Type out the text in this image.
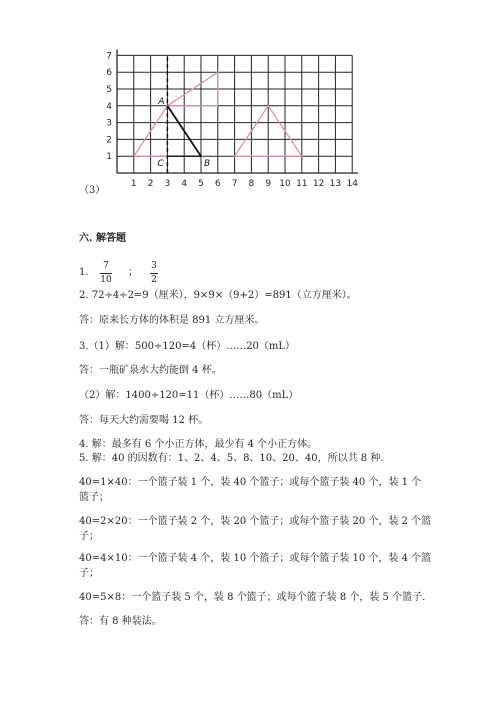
（3）
1 2 3 4 5 6 7 8 9 10 11 12 13 14
1
2
3
4
5
6
7
A
B
C
六. 解答题
1.
7
10
；
3
2
2. 72÷4÷2=9（厘米），9×9×（9+2）=891（立方厘米）。
答：原来长方体的体积是 891 立方厘米。
3.（1）解：500÷120=4（杯）……20（mL）
答：一瓶矿泉水大约能倒 4 杯。
（2）解：1400÷120=11（杯）……80（mL）
答：每天大约需要喝 12 杯。
4. 解：最多有 6 个小正方体，最少有 4 个小正方体。
5. 解：40 的因数有：1、2、4、5、8、10、20、40，所以共 8 种.
40=1×40：一个篮子装 1 个，装 40 个篮子；或每个篮子装 40 个，装 1 个
篮子；
40=2×20：一个篮子装 2 个，装 20 个篮子；或每个篮子装 20 个，装 2 个篮
子；
40=4×10：一个篮子装 4 个，装 10 个篮子；或每个篮子装 10 个，装 4 个篮
子；
40=5×8：一个篮子装 5 个，装 8 个篮子；或每个篮子装 8 个，装 5 个篮子.
答：有 8 种装法。
